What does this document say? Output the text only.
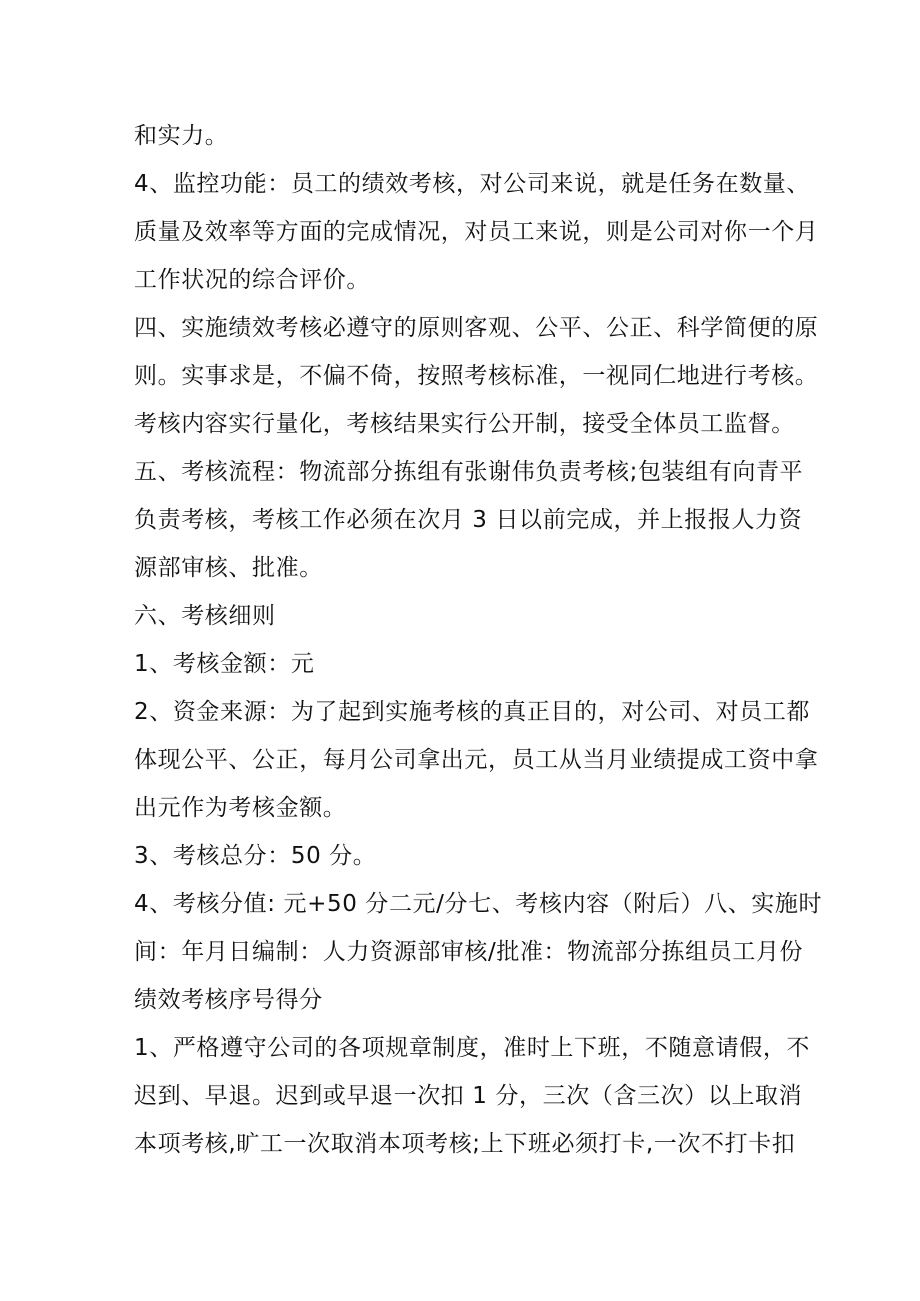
和实力。
4、监控功能：员工的绩效考核，对公司来说，就是任务在数量、
质量及效率等方面的完成情况，对员工来说，则是公司对你一个月
工作状况的综合评价。
四、实施绩效考核必遵守的原则客观、公平、公正、科学简便的原
则。实事求是，不偏不倚，按照考核标准，一视同仁地进行考核。
考核内容实行量化，考核结果实行公开制，接受全体员工监督。
五、考核流程：物流部分拣组有张谢伟负责考核;包装组有向青平
负责考核，考核工作必须在次月 3 日以前完成，并上报报人力资
源部审核、批准。
六、考核细则
1、考核金额：元
2、资金来源：为了起到实施考核的真正目的，对公司、对员工都
体现公平、公正，每月公司拿出元，员工从当月业绩提成工资中拿
出元作为考核金额。
3、考核总分：50 分。
4、考核分值: 元+50 分二元/分七、考核内容（附后）八、实施时
间：年月日编制：人力资源部审核/批准：物流部分拣组员工月份
绩效考核序号得分
1、严格遵守公司的各项规章制度，准时上下班，不随意请假，不
迟到、早退。迟到或早退一次扣 1 分，三次（含三次）以上取消
本项考核,旷工一次取消本项考核;上下班必须打卡,一次不打卡扣
